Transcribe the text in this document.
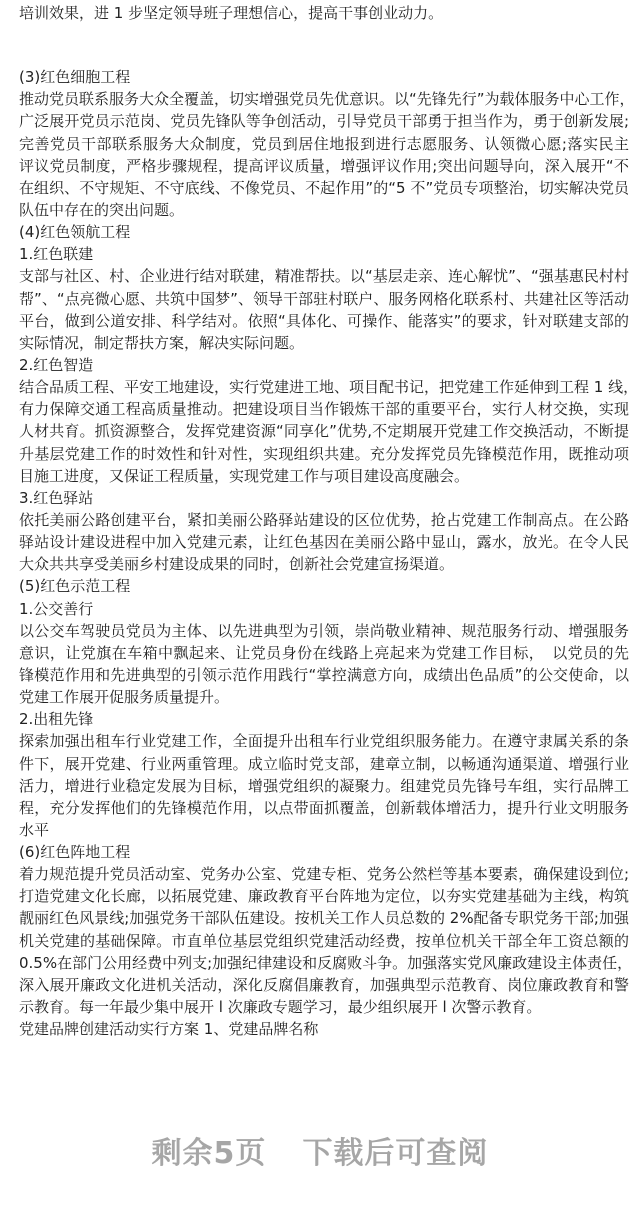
培训效果，进 1 步坚定领导班子理想信心，提高干事创业动力。
(3)红色细胞工程
推动党员联系服务大众全覆盖，切实增强党员先优意识。以“先锋先行”为载体服务中心工作，
广泛展开党员示范岗、党员先锋队等争创活动，引导党员干部勇于担当作为，勇于创新发展;
完善党员干部联系服务大众制度，党员到居住地报到进行志愿服务、认领微心愿;落实民主
评议党员制度，严格步骤规程，提高评议质量，增强评议作用;突出问题导向，深入展开“不
在组织、不守规矩、不守底线、不像党员、不起作用”的“5 不”党员专项整治，切实解决党员
队伍中存在的突出问题。
(4)红色领航工程
1.红色联建
支部与社区、村、企业进行结对联建，精准帮扶。以“基层走亲、连心解忧”、“强基惠民村村
帮”、“点亮微心愿、共筑中国梦”、领导干部驻村联户、服务网格化联系村、共建社区等活动
平台，做到公道安排、科学结对。依照“具体化、可操作、能落实”的要求，针对联建支部的
实际情况，制定帮扶方案，解决实际问题。
2.红色智造
结合品质工程、平安工地建设，实行党建进工地、项目配书记，把党建工作延伸到工程 1 线，
有力保障交通工程高质量推动。把建设项目当作锻炼干部的重要平台，实行人材交换，实现
人材共育。抓资源整合，发挥党建资源“同享化”优势,不定期展开党建工作交换活动，不断提
升基层党建工作的时效性和针对性，实现组织共建。充分发挥党员先锋模范作用，既推动项
目施工进度，又保证工程质量，实现党建工作与项目建设高度融会。
3.红色驿站
依托美丽公路创建平台，紧扣美丽公路驿站建设的区位优势，抢占党建工作制高点。在公路
驿站设计建设进程中加入党建元素，让红色基因在美丽公路中显山，露水，放光。在令人民
大众共共享受美丽乡村建设成果的同时，创新社会党建宣扬渠道。
(5)红色示范工程
1.公交善行
以公交车驾驶员党员为主体、以先进典型为引领，崇尚敬业精神、规范服务行动、增强服务
意识，让党旗在车箱中飘起来、让党员身份在线路上亮起来为党建工作目标，　以党员的先
锋模范作用和先进典型的引领示范作用践行“掌控满意方向，成绩出色品质”的公交使命，以
党建工作展开促服务质量提升。
2.出租先锋
探索加强出租车行业党建工作，全面提升出租车行业党组织服务能力。在遵守隶属关系的条
件下，展开党建、行业两重管理。成立临时党支部，建章立制，以畅通沟通渠道、增强行业
活力，增进行业稳定发展为目标，增强党组织的凝聚力。组建党员先锋号车组，实行品牌工
程，充分发挥他们的先锋模范作用，以点带面抓覆盖，创新载体增活力，提升行业文明服务
水平
(6)红色阵地工程
着力规范提升党员活动室、党务办公室、党建专柜、党务公然栏等基本要素，确保建设到位;
打造党建文化长廊，以拓展党建、廉政教育平台阵地为定位，以夯实党建基础为主线，构筑
靓丽红色风景线;加强党务干部队伍建设。按机关工作人员总数的 2%配备专职党务干部;加强
机关党建的基础保障。市直单位基层党组织党建活动经费，按单位机关干部全年工资总额的
0.5%在部门公用经费中列支;加强纪律建设和反腐败斗争。加强落实党风廉政建设主体责任，
深入展开廉政文化进机关活动，深化反腐倡廉教育，加强典型示范教育、岗位廉政教育和警
示教育。每一年最少集中展开 l 次廉政专题学习，最少组织展开 l 次警示教育。
党建品牌创建活动实行方案 1、党建品牌名称
剩余5页 下载后可查阅
